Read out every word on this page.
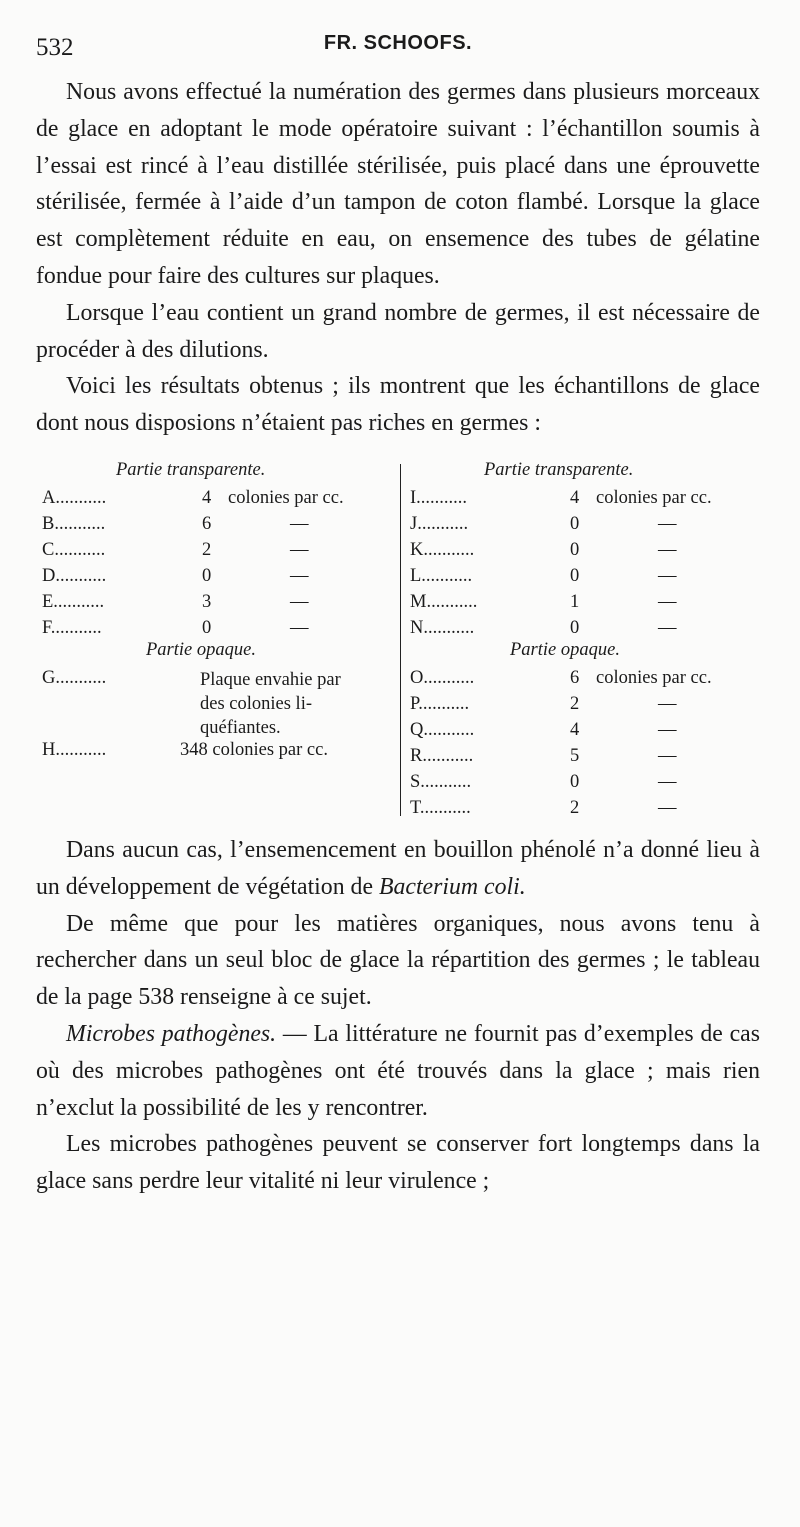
532	FR. SCHOOFS.

Nous avons effectué la numération des germes dans plusieurs morceaux de glace en adoptant le mode opératoire suivant : l’échantillon soumis à l’essai est rincé à l’eau distillée stérilisée, puis placé dans une éprouvette stérilisée, fermée à l’aide d’un tampon de coton flambé. Lorsque la glace est complètement réduite en eau, on ensemence des tubes de gélatine fondue pour faire des cultures sur plaques.

Lorsque l’eau contient un grand nombre de germes, il est nécessaire de procéder à des dilutions.

Voici les résultats obtenus ; ils montrent que les échantillons de glace dont nous disposions n’étaient pas riches en germes :

Partie transparente.
A...........	4 colonies par cc.
B...........	6	—
C...........	2	—
D...........	0	—
E...........	3	—
F...........	0	—
Partie opaque.
G...........	Plaque envahie par
des colonies li-
quéfiantes.
H...........	348 colonies par cc.
Partie transparente.
I...........	4 colonies par cc.
J...........	0	—
K...........	0	—
L...........	0	—
M...........	1	—
N...........	0	—
Partie opaque.
O...........	6 colonies par cc.
P...........	2	—
Q...........	4	—
R...........	5	—
S...........	0	—
T...........	2	—

Dans aucun cas, l’ensemencement en bouillon phénolé n’a donné lieu à un développement de végétation de Bacterium coli.

De même que pour les matières organiques, nous avons tenu à rechercher dans un seul bloc de glace la répartition des germes ; le tableau de la page 538 renseigne à ce sujet.

Microbes pathogènes. — La littérature ne fournit pas d’exemples de cas où des microbes pathogènes ont été trouvés dans la glace ; mais rien n’exclut la possibilité de les y rencontrer.

Les microbes pathogènes peuvent se conserver fort longtemps dans la glace sans perdre leur vitalité ni leur virulence ;
